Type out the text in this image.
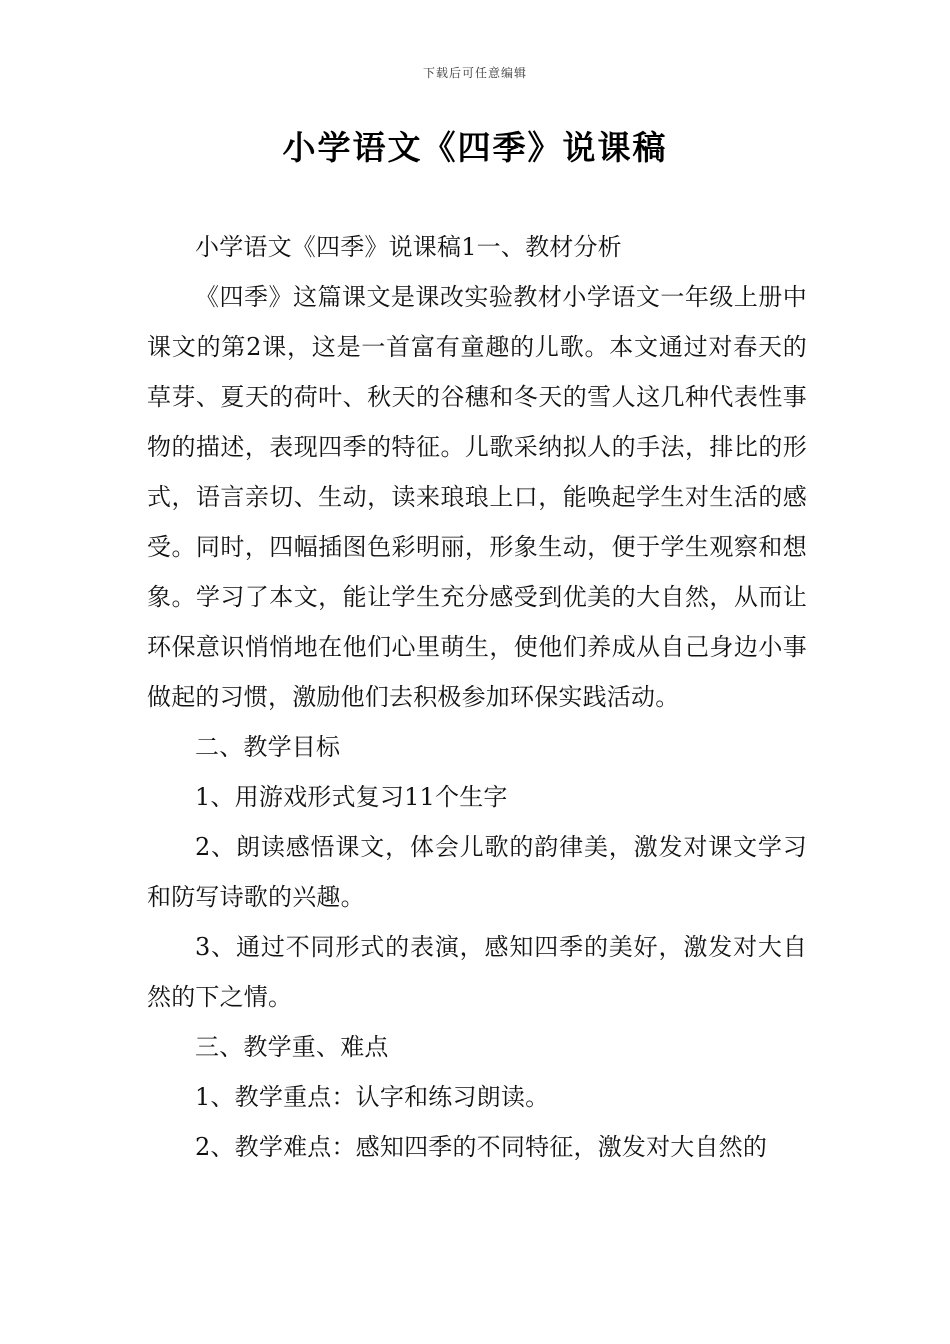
下载后可任意编辑
小学语文《四季》说课稿

小学语文《四季》说课稿1一、教材分析

《四季》这篇课文是课改实验教材小学语文一年级上册中课文的第2课，这是一首富有童趣的儿歌。本文通过对春天的草芽、夏天的荷叶、秋天的谷穗和冬天的雪人这几种代表性事物的描述，表现四季的特征。儿歌采纳拟人的手法，排比的形式，语言亲切、生动，读来琅琅上口，能唤起学生对生活的感受。同时，四幅插图色彩明丽，形象生动，便于学生观察和想象。学习了本文，能让学生充分感受到优美的大自然，从而让环保意识悄悄地在他们心里萌生，使他们养成从自己身边小事做起的习惯，激励他们去积极参加环保实践活动。

二、教学目标

1、用游戏形式复习11个生字

2、朗读感悟课文，体会儿歌的韵律美，激发对课文学习和防写诗歌的兴趣。

3、通过不同形式的表演，感知四季的美好，激发对大自然的下之情。

三、教学重、难点

1、教学重点：认字和练习朗读。

2、教学难点：感知四季的不同特征，激发对大自然的
